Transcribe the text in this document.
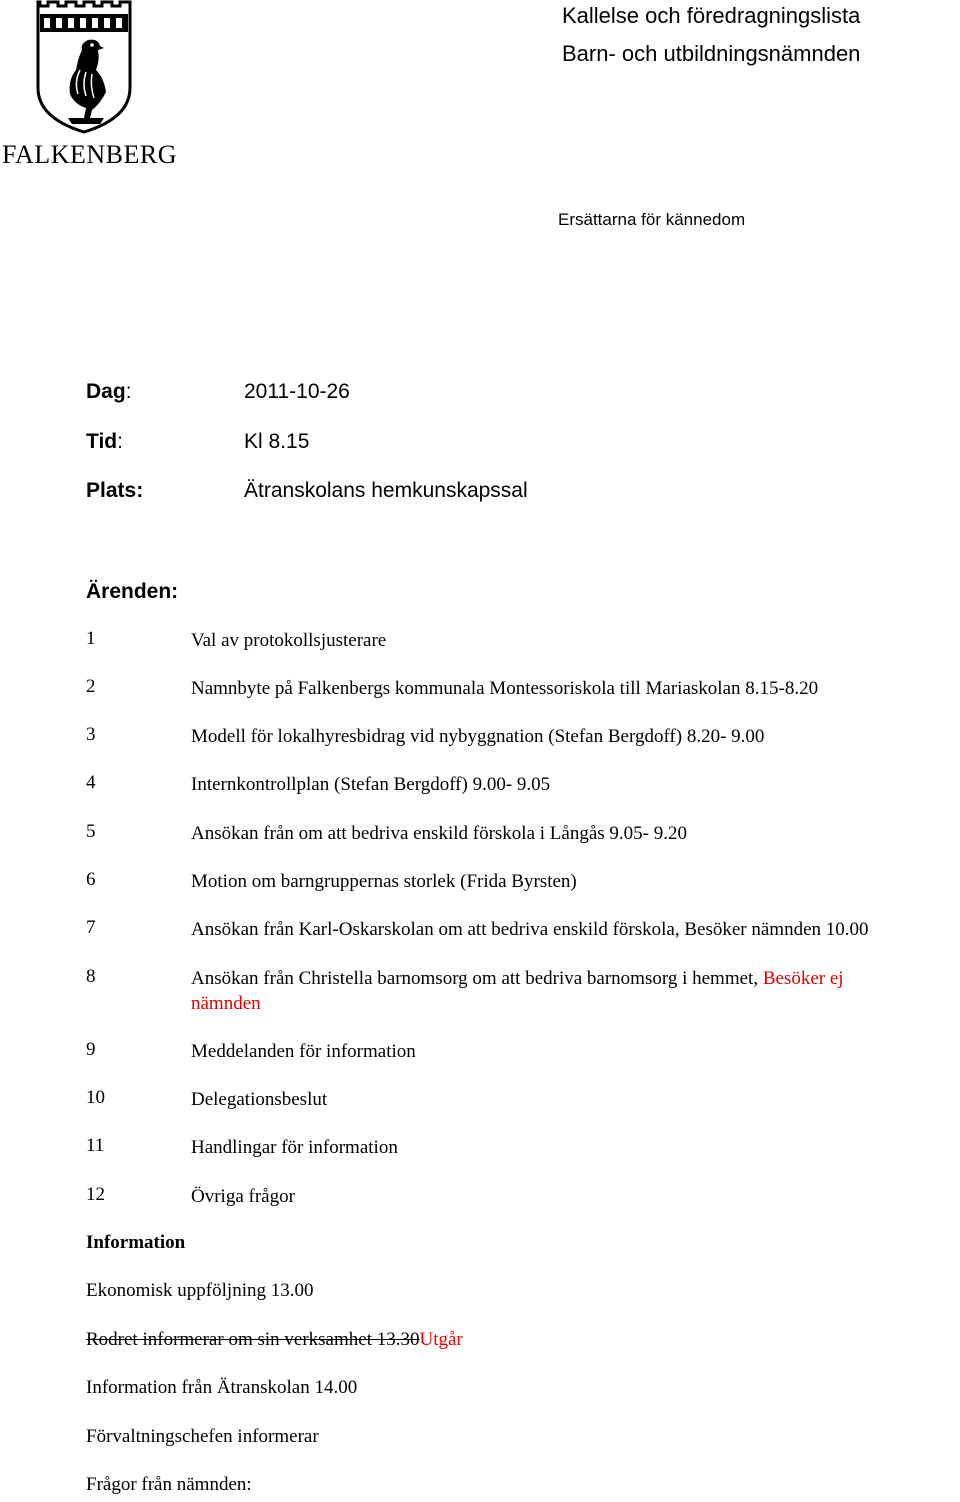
FALKENBERG
Kallelse och föredragningslista
Barn- och utbildningsnämnden
Ersättarna för kännedom
Dag:	2011-10-26
Tid:	Kl 8.15
Plats:	Ätranskolans hemkunskapssal
Ärenden:
1	Val av protokollsjusterare
2	Namnbyte på Falkenbergs kommunala Montessoriskola till Mariaskolan 8.15-8.20
3	Modell för lokalhyresbidrag vid nybyggnation (Stefan Bergdoff) 8.20- 9.00
4	Internkontrollplan (Stefan Bergdoff) 9.00- 9.05
5	Ansökan från om att bedriva enskild förskola i Långås 9.05- 9.20
6	Motion om barngruppernas storlek (Frida Byrsten)
7	Ansökan från Karl-Oskarskolan om att bedriva enskild förskola, Besöker nämnden 10.00
8	Ansökan från Christella barnomsorg om att bedriva barnomsorg i hemmet, Besöker ej
nämnden
9	Meddelanden för information
10	Delegationsbeslut
11	Handlingar för information
12	Övriga frågor
Information
Ekonomisk uppföljning 13.00
Rodret informerar om sin verksamhet 13.30Utgår
Information från Ätranskolan 14.00
Förvaltningschefen informerar
Frågor från nämnden:
